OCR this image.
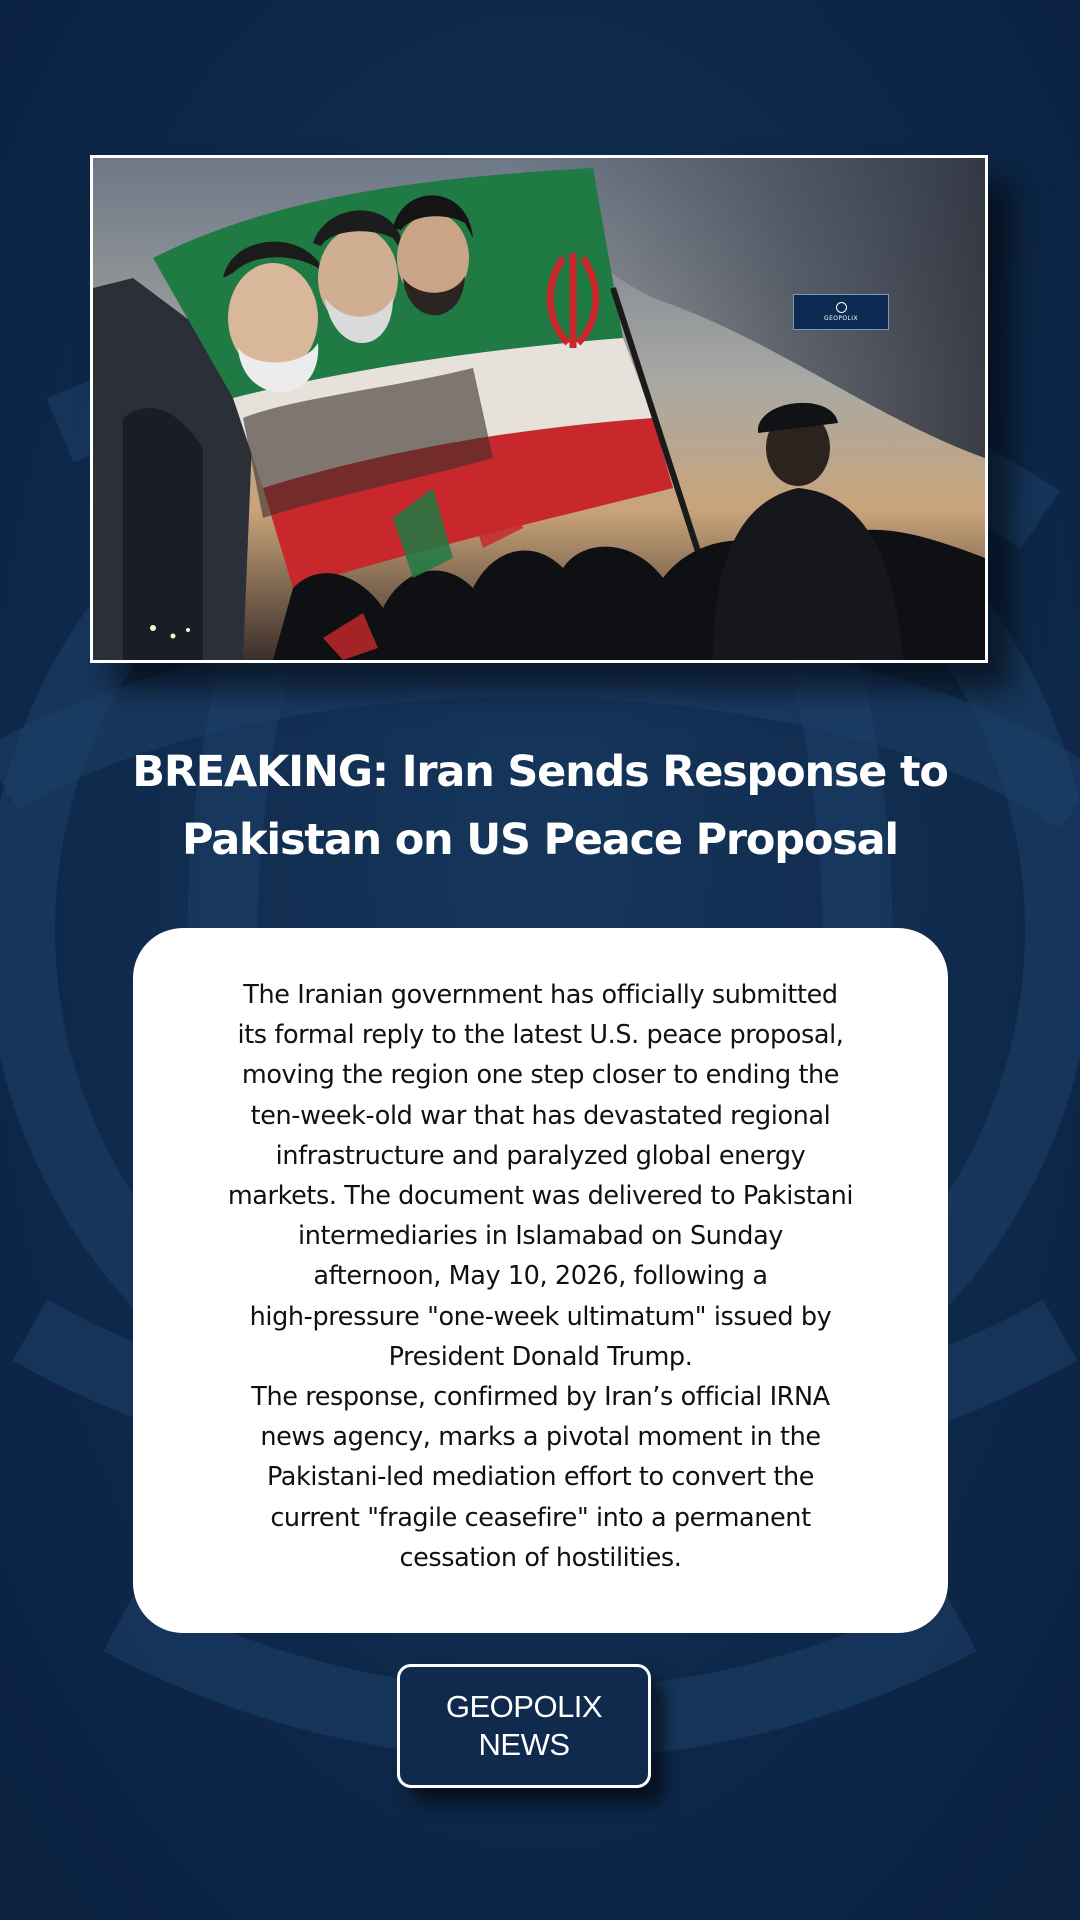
GEOPOLIX
BREAKING: Iran Sends Response to
Pakistan on US Peace Proposal

The Iranian government has officially submitted

its formal reply to the latest U.S. peace proposal,

moving the region one step closer to ending the

ten-week-old war that has devastated regional

infrastructure and paralyzed global energy

markets. The document was delivered to Pakistani

intermediaries in Islamabad on Sunday

afternoon, May 10, 2026, following a

high-pressure "one-week ultimatum" issued by

President Donald Trump.

The response, confirmed by Iran’s official IRNA

news agency, marks a pivotal moment in the

Pakistani-led mediation effort to convert the

current "fragile ceasefire" into a permanent

cessation of hostilities.

GEOPOLIX
NEWS
